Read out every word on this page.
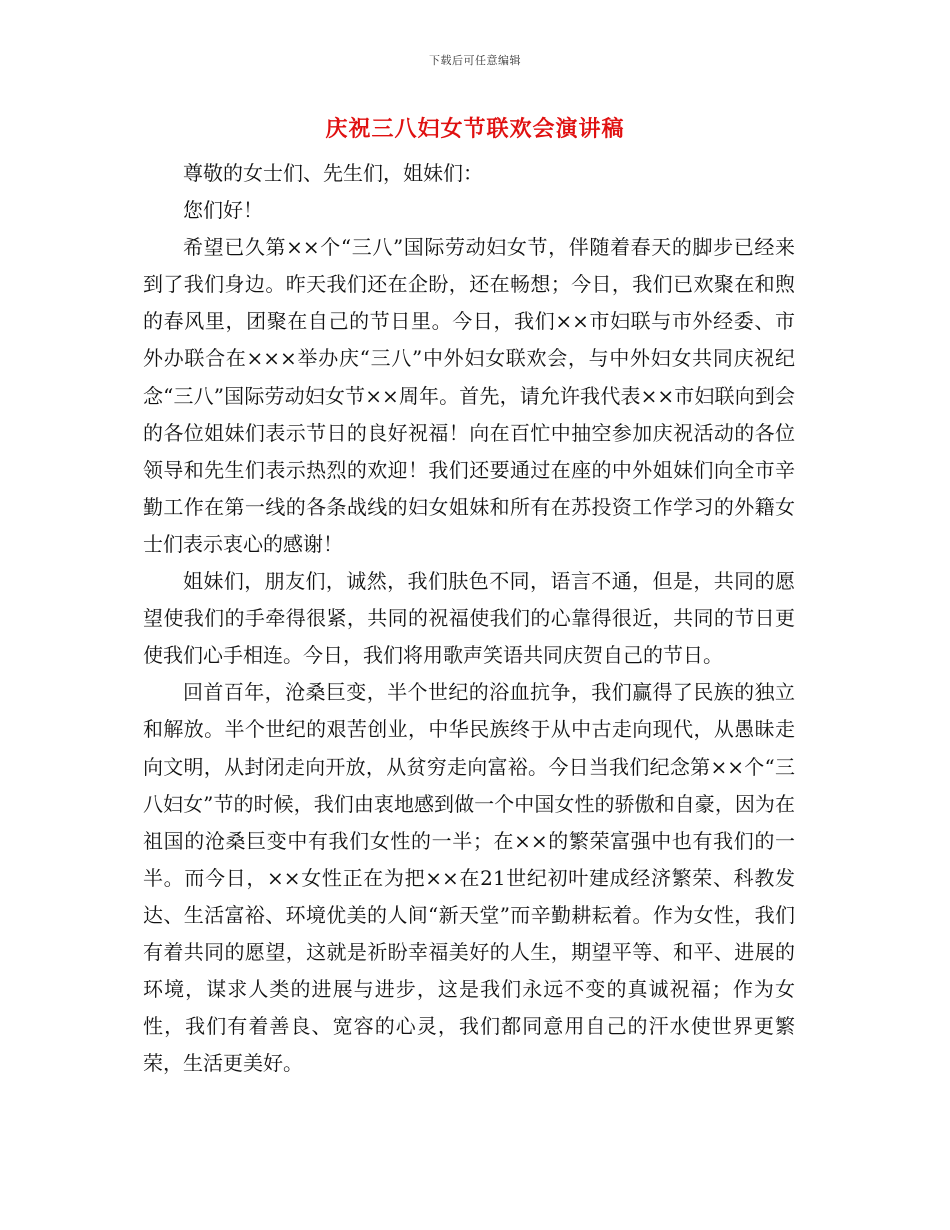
下载后可任意编辑
庆祝三八妇女节联欢会演讲稿

尊敬的女士们、先生们，姐妹们：

您们好！

希望已久第××个“三八”国际劳动妇女节，伴随着春天的脚步已经来到了我们身边。昨天我们还在企盼，还在畅想；今日，我们已欢聚在和煦的春风里，团聚在自己的节日里。今日，我们××市妇联与市外经委、市外办联合在×××举办庆“三八”中外妇女联欢会，与中外妇女共同庆祝纪念“三八”国际劳动妇女节××周年。首先，请允许我代表××市妇联向到会的各位姐妹们表示节日的良好祝福！向在百忙中抽空参加庆祝活动的各位领导和先生们表示热烈的欢迎！我们还要通过在座的中外姐妹们向全市辛勤工作在第一线的各条战线的妇女姐妹和所有在苏投资工作学习的外籍女士们表示衷心的感谢！

姐妹们，朋友们，诚然，我们肤色不同，语言不通，但是，共同的愿望使我们的手牵得很紧，共同的祝福使我们的心靠得很近，共同的节日更使我们心手相连。今日，我们将用歌声笑语共同庆贺自己的节日。

回首百年，沧桑巨变，半个世纪的浴血抗争，我们赢得了民族的独立和解放。半个世纪的艰苦创业，中华民族终于从中古走向现代，从愚昧走向文明，从封闭走向开放，从贫穷走向富裕。今日当我们纪念第××个“三八妇女”节的时候，我们由衷地感到做一个中国女性的骄傲和自豪，因为在祖国的沧桑巨变中有我们女性的一半；在××的繁荣富强中也有我们的一半。而今日，××女性正在为把××在21世纪初叶建成经济繁荣、科教发达、生活富裕、环境优美的人间“新天堂”而辛勤耕耘着。作为女性，我们有着共同的愿望，这就是祈盼幸福美好的人生，期望平等、和平、进展的环境，谋求人类的进展与进步，这是我们永远不变的真诚祝福；作为女性，我们有着善良、宽容的心灵，我们都同意用自己的汗水使世界更繁荣，生活更美好。
